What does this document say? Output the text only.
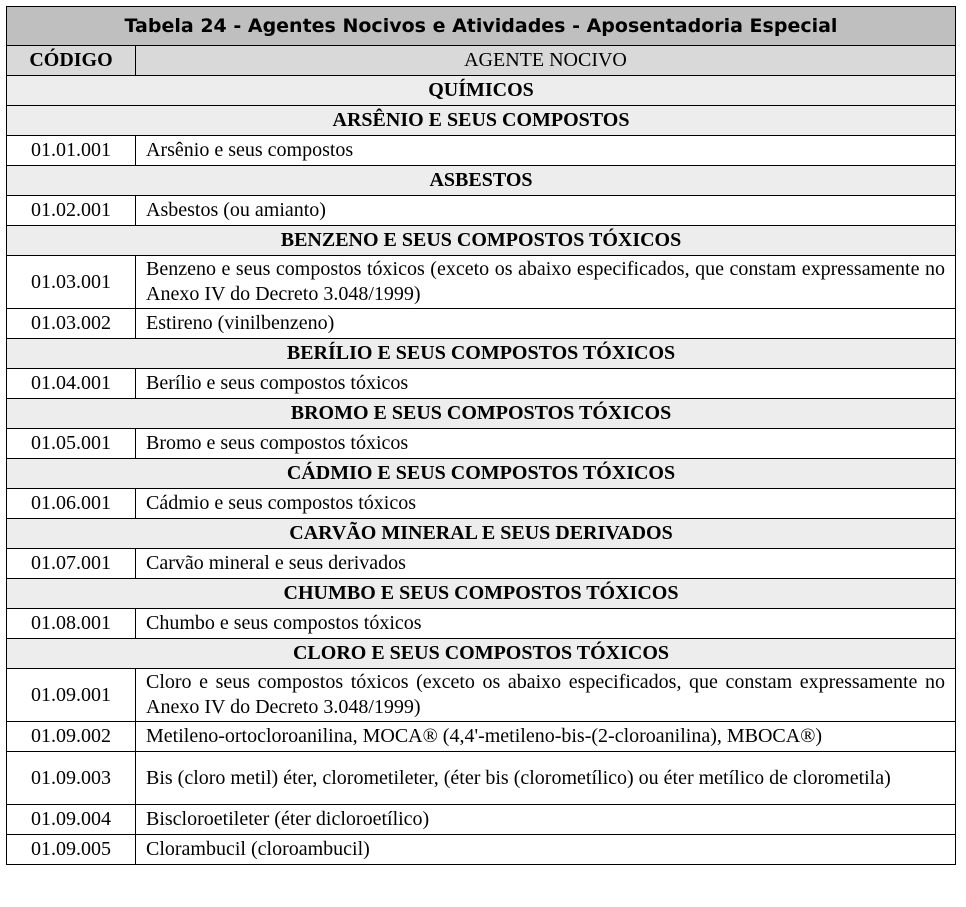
Tabela 24 - Agentes Nocivos e Atividades - Aposentadoria Especial	
CÓDIGO	AGENTE NOCIVO
QUÍMICOS	
ARSÊNIO E SEUS COMPOSTOS	
01.01.001	Arsênio e seus compostos
ASBESTOS	
01.02.001	Asbestos (ou amianto)
BENZENO E SEUS COMPOSTOS TÓXICOS	
01.03.001	Benzeno e seus compostos tóxicos (exceto os abaixo especificados, que constam expressamente no Anexo IV do Decreto 3.048/1999)
01.03.002	Estireno (vinilbenzeno)
BERÍLIO E SEUS COMPOSTOS TÓXICOS	
01.04.001	Berílio e seus compostos tóxicos
BROMO E SEUS COMPOSTOS TÓXICOS	
01.05.001	Bromo e seus compostos tóxicos
CÁDMIO E SEUS COMPOSTOS TÓXICOS	
01.06.001	Cádmio e seus compostos tóxicos
CARVÃO MINERAL E SEUS DERIVADOS	
01.07.001	Carvão mineral e seus derivados
CHUMBO E SEUS COMPOSTOS TÓXICOS	
01.08.001	Chumbo e seus compostos tóxicos
CLORO E SEUS COMPOSTOS TÓXICOS	
01.09.001	Cloro e seus compostos tóxicos (exceto os abaixo especificados, que constam expressamente no Anexo IV do Decreto 3.048/1999)
01.09.002	Metileno-ortocloroanilina, MOCA® (4,4'-metileno-bis-(2-cloroanilina), MBOCA®)
01.09.003	Bis (cloro metil) éter, clorometileter, (éter bis (clorometílico) ou éter metílico de clorometila)
01.09.004	Biscloroetileter (éter dicloroetílico)
01.09.005	Clorambucil (cloroambucil)
